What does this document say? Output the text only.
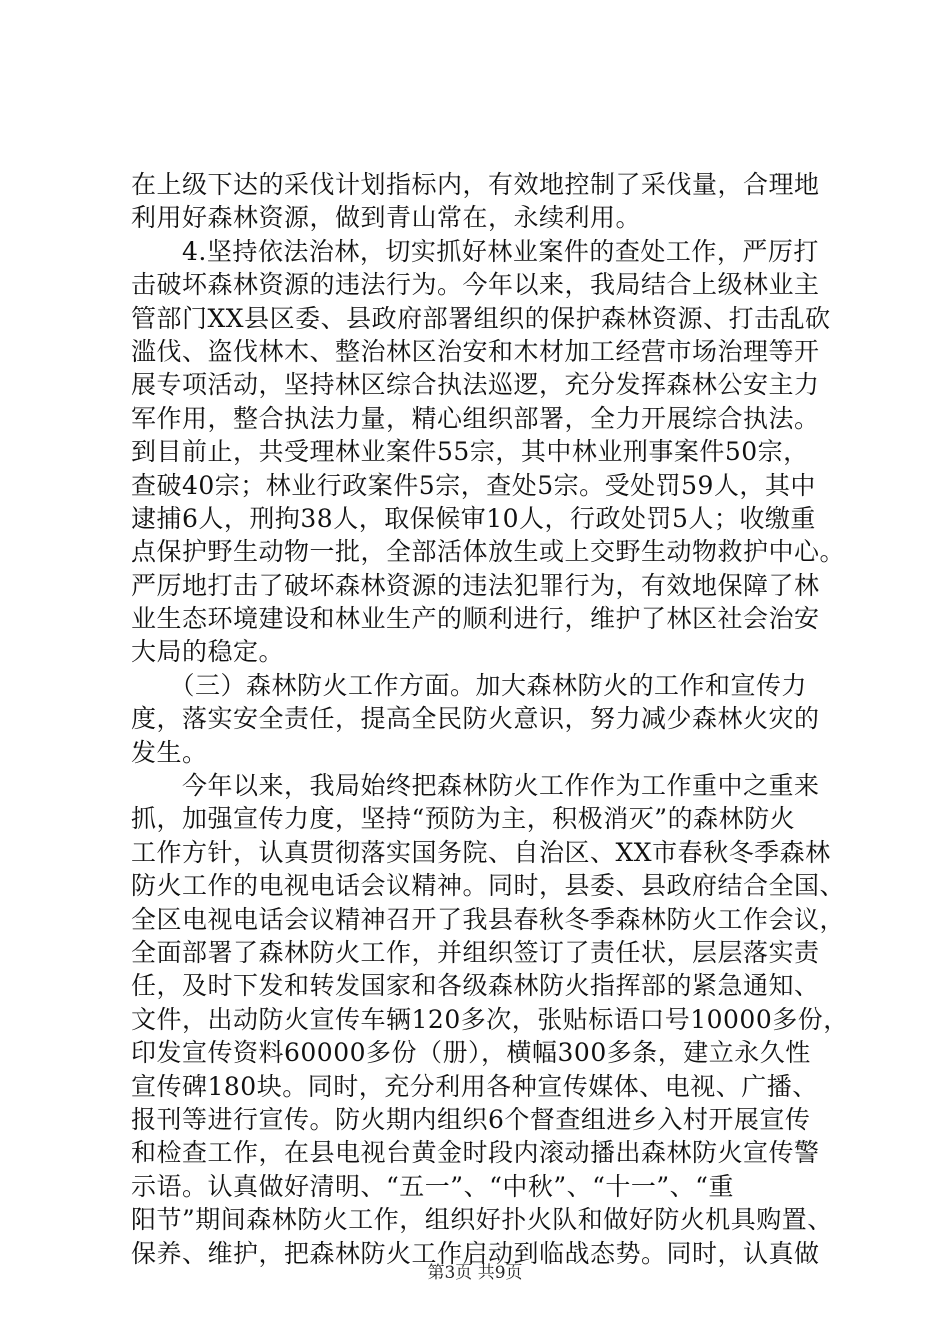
在上级下达的采伐计划指标内，有效地控制了采伐量，合理地
利用好森林资源，做到青山常在，永续利用。
　　4.坚持依法治林，切实抓好林业案件的查处工作，严厉打
击破坏森林资源的违法行为。今年以来，我局结合上级林业主
管部门XX县区委、县政府部署组织的保护森林资源、打击乱砍
滥伐、盗伐林木、整治林区治安和木材加工经营市场治理等开
展专项活动，坚持林区综合执法巡逻，充分发挥森林公安主力
军作用，整合执法力量，精心组织部署，全力开展综合执法。
到目前止，共受理林业案件55宗，其中林业刑事案件50宗，
查破40宗；林业行政案件5宗，查处5宗。受处罚59人，其中
逮捕6人，刑拘38人，取保候审10人，行政处罚5人；收缴重
点保护野生动物一批，全部活体放生或上交野生动物救护中心。
严厉地打击了破坏森林资源的违法犯罪行为，有效地保障了林
业生态环境建设和林业生产的顺利进行，维护了林区社会治安
大局的稳定。
　　（三）森林防火工作方面。加大森林防火的工作和宣传力
度，落实安全责任，提高全民防火意识，努力减少森林火灾的
发生。
　　今年以来，我局始终把森林防火工作作为工作重中之重来
抓，加强宣传力度，坚持“预防为主，积极消灭”的森林防火
工作方针，认真贯彻落实国务院、自治区、XX市春秋冬季森林
防火工作的电视电话会议精神。同时，县委、县政府结合全国、
全区电视电话会议精神召开了我县春秋冬季森林防火工作会议，
全面部署了森林防火工作，并组织签订了责任状，层层落实责
任，及时下发和转发国家和各级森林防火指挥部的紧急通知、
文件，出动防火宣传车辆120多次，张贴标语口号10000多份，
印发宣传资料60000多份（册），横幅300多条，建立永久性
宣传碑180块。同时，充分利用各种宣传媒体、电视、广播、
报刊等进行宣传。防火期内组织6个督查组进乡入村开展宣传
和检查工作，在县电视台黄金时段内滚动播出森林防火宣传警
示语。认真做好清明、“五一”、“中秋”、“十一”、“重
阳节”期间森林防火工作，组织好扑火队和做好防火机具购置、
保养、维护，把森林防火工作启动到临战态势。同时，认真做
第3页 共9页
